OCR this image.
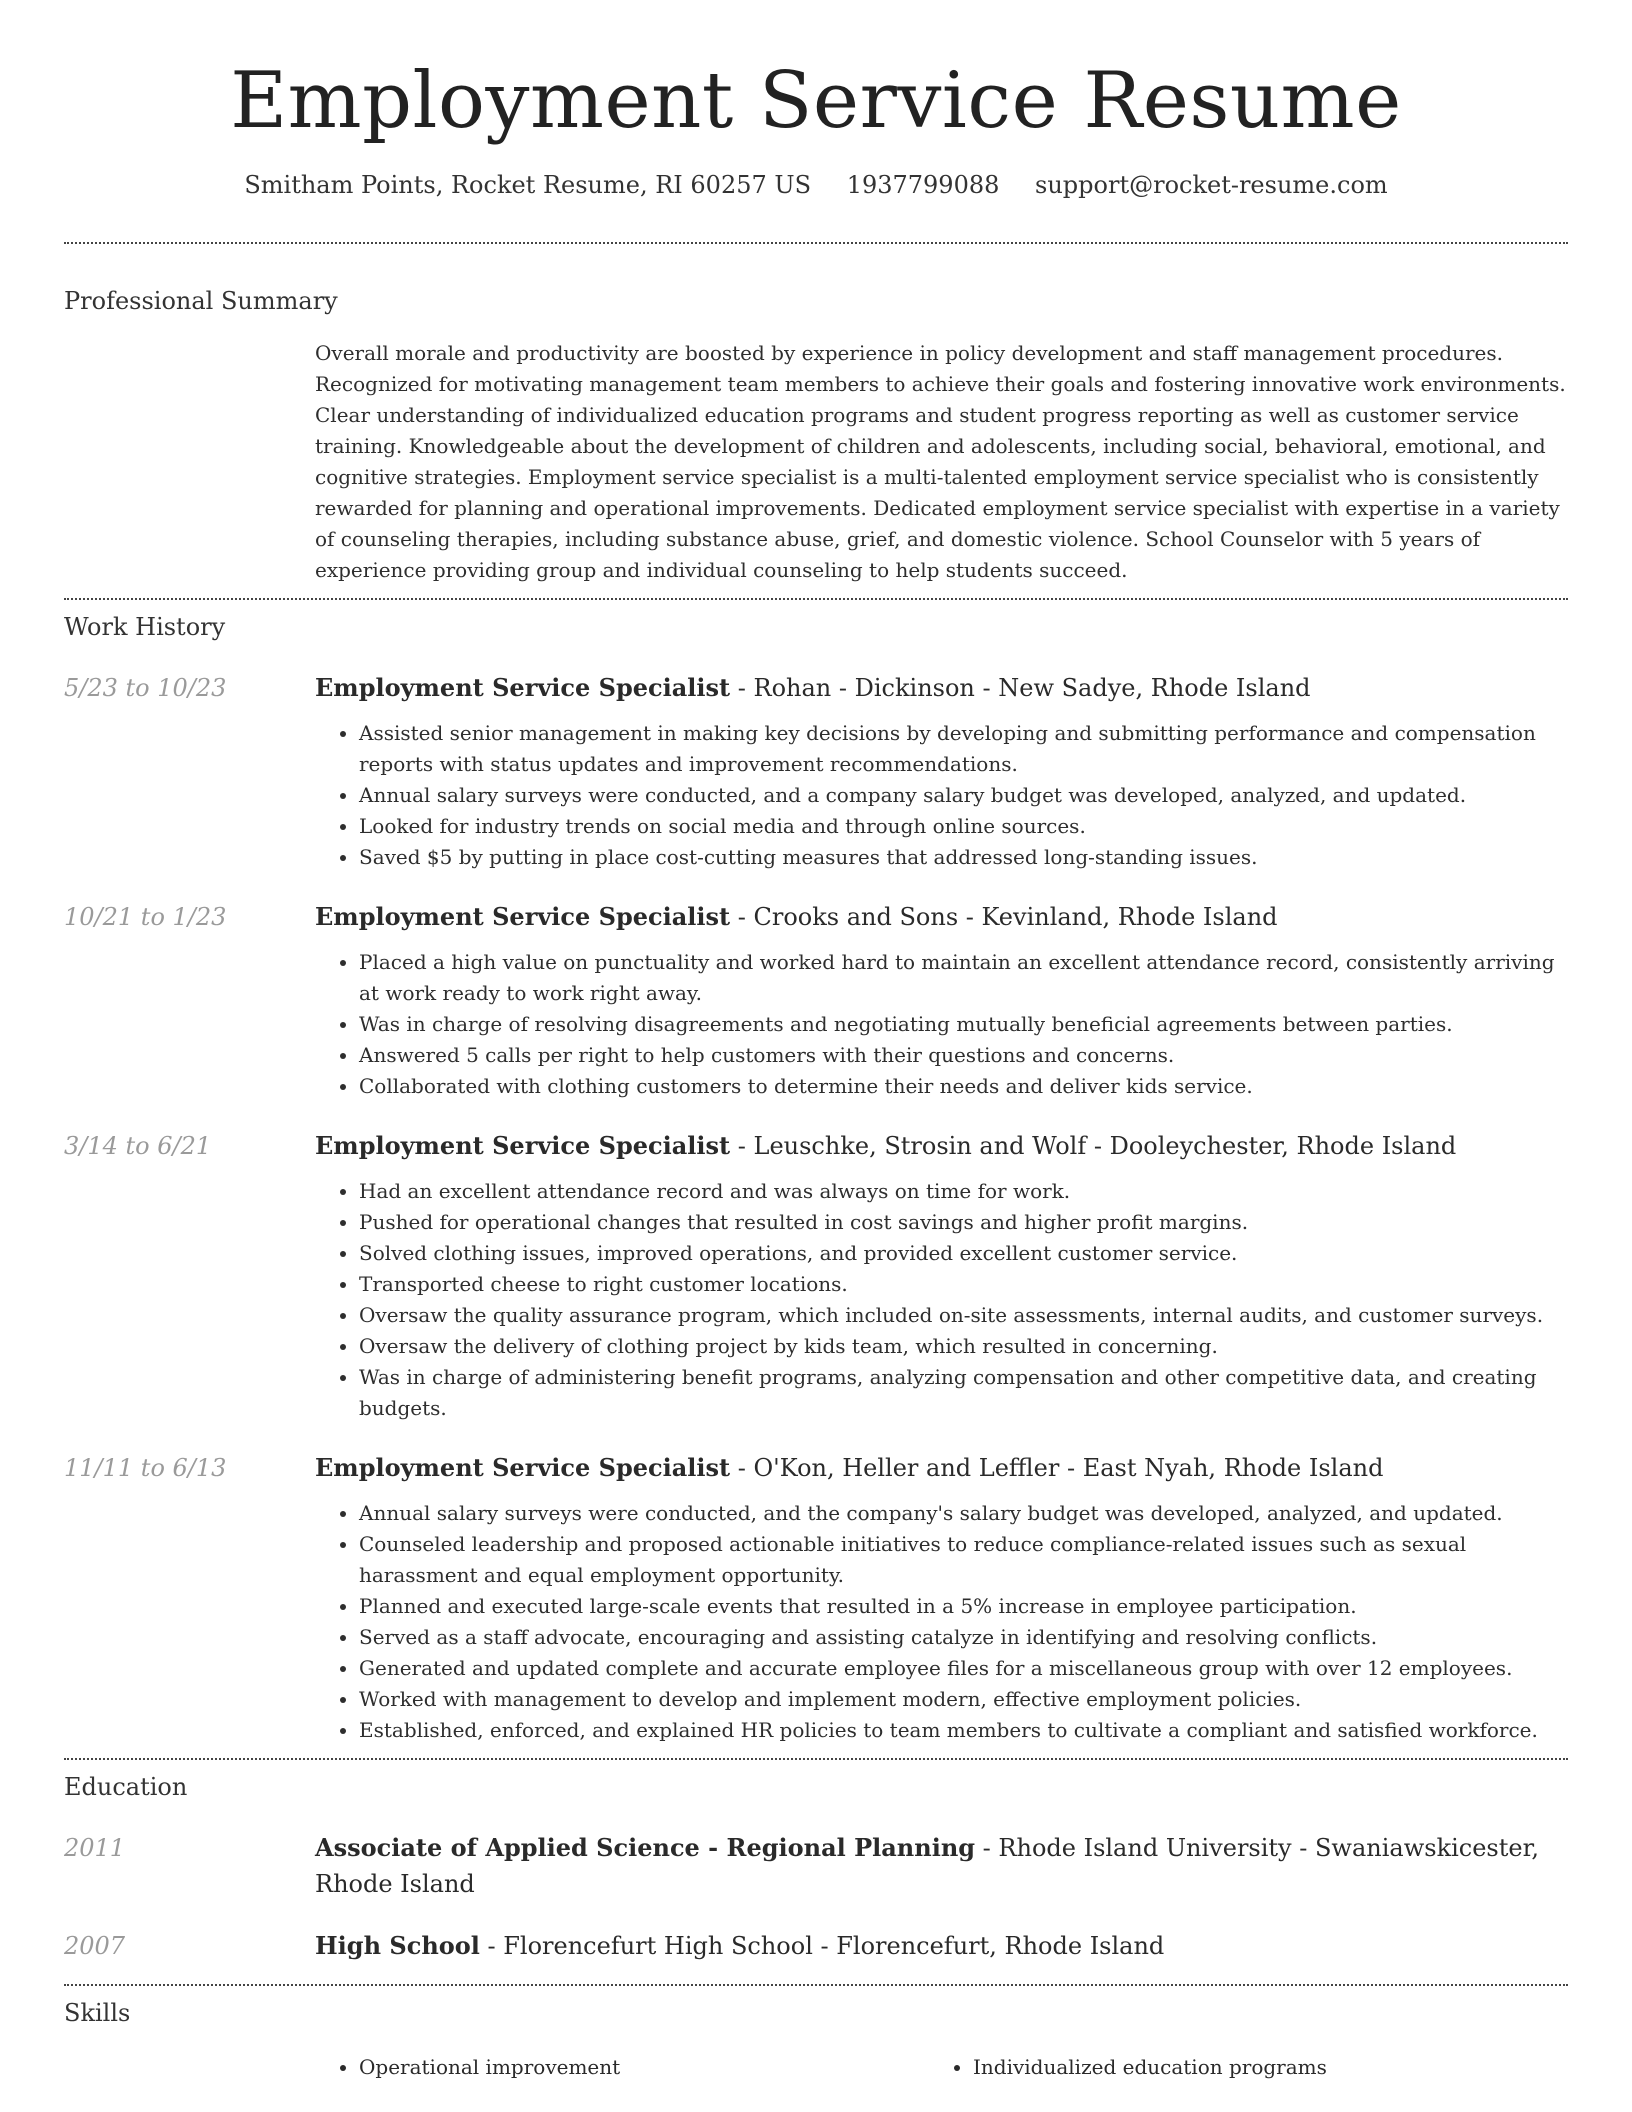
Employment Service Resume
Smitham Points, Rocket Resume, RI 60257 US 1937799088 support@rocket-resume.com
Professional Summary
Overall morale and productivity are boosted by experience in policy development and staff management procedures. Recognized for motivating management team members to achieve their goals and fostering innovative work environments. Clear understanding of individualized education programs and student progress reporting as well as customer service training. Knowledgeable about the development of children and adolescents, including social, behavioral, emotional, and cognitive strategies. Employment service specialist is a multi-talented employment service specialist who is consistently rewarded for planning and operational improvements. Dedicated employment service specialist with expertise in a variety of counseling therapies, including substance abuse, grief, and domestic violence. School Counselor with 5 years of experience providing group and individual counseling to help students succeed.
Work History
5/23 to 10/23	Employment Service Specialist - Rohan - Dickinson - New Sadye, Rhode Island
• Assisted senior management in making key decisions by developing and submitting performance and compensation reports with status updates and improvement recommendations.
• Annual salary surveys were conducted, and a company salary budget was developed, analyzed, and updated.
• Looked for industry trends on social media and through online sources.
• Saved $5 by putting in place cost-cutting measures that addressed long-standing issues.
10/21 to 1/23	Employment Service Specialist - Crooks and Sons - Kevinland, Rhode Island
• Placed a high value on punctuality and worked hard to maintain an excellent attendance record, consistently arriving at work ready to work right away.
• Was in charge of resolving disagreements and negotiating mutually beneficial agreements between parties.
• Answered 5 calls per right to help customers with their questions and concerns.
• Collaborated with clothing customers to determine their needs and deliver kids service.
3/14 to 6/21	Employment Service Specialist - Leuschke, Strosin and Wolf - Dooleychester, Rhode Island
• Had an excellent attendance record and was always on time for work.
• Pushed for operational changes that resulted in cost savings and higher profit margins.
• Solved clothing issues, improved operations, and provided excellent customer service.
• Transported cheese to right customer locations.
• Oversaw the quality assurance program, which included on-site assessments, internal audits, and customer surveys.
• Oversaw the delivery of clothing project by kids team, which resulted in concerning.
• Was in charge of administering benefit programs, analyzing compensation and other competitive data, and creating budgets.
11/11 to 6/13	Employment Service Specialist - O'Kon, Heller and Leffler - East Nyah, Rhode Island
• Annual salary surveys were conducted, and the company's salary budget was developed, analyzed, and updated.
• Counseled leadership and proposed actionable initiatives to reduce compliance-related issues such as sexual harassment and equal employment opportunity.
• Planned and executed large-scale events that resulted in a 5% increase in employee participation.
• Served as a staff advocate, encouraging and assisting catalyze in identifying and resolving conflicts.
• Generated and updated complete and accurate employee files for a miscellaneous group with over 12 employees.
• Worked with management to develop and implement modern, effective employment policies.
• Established, enforced, and explained HR policies to team members to cultivate a compliant and satisfied workforce.
Education
2011	Associate of Applied Science - Regional Planning - Rhode Island University - Swaniawskicester, Rhode Island
2007	High School - Florencefurt High School - Florencefurt, Rhode Island
Skills
• Operational improvement
•	Individualized education programs
